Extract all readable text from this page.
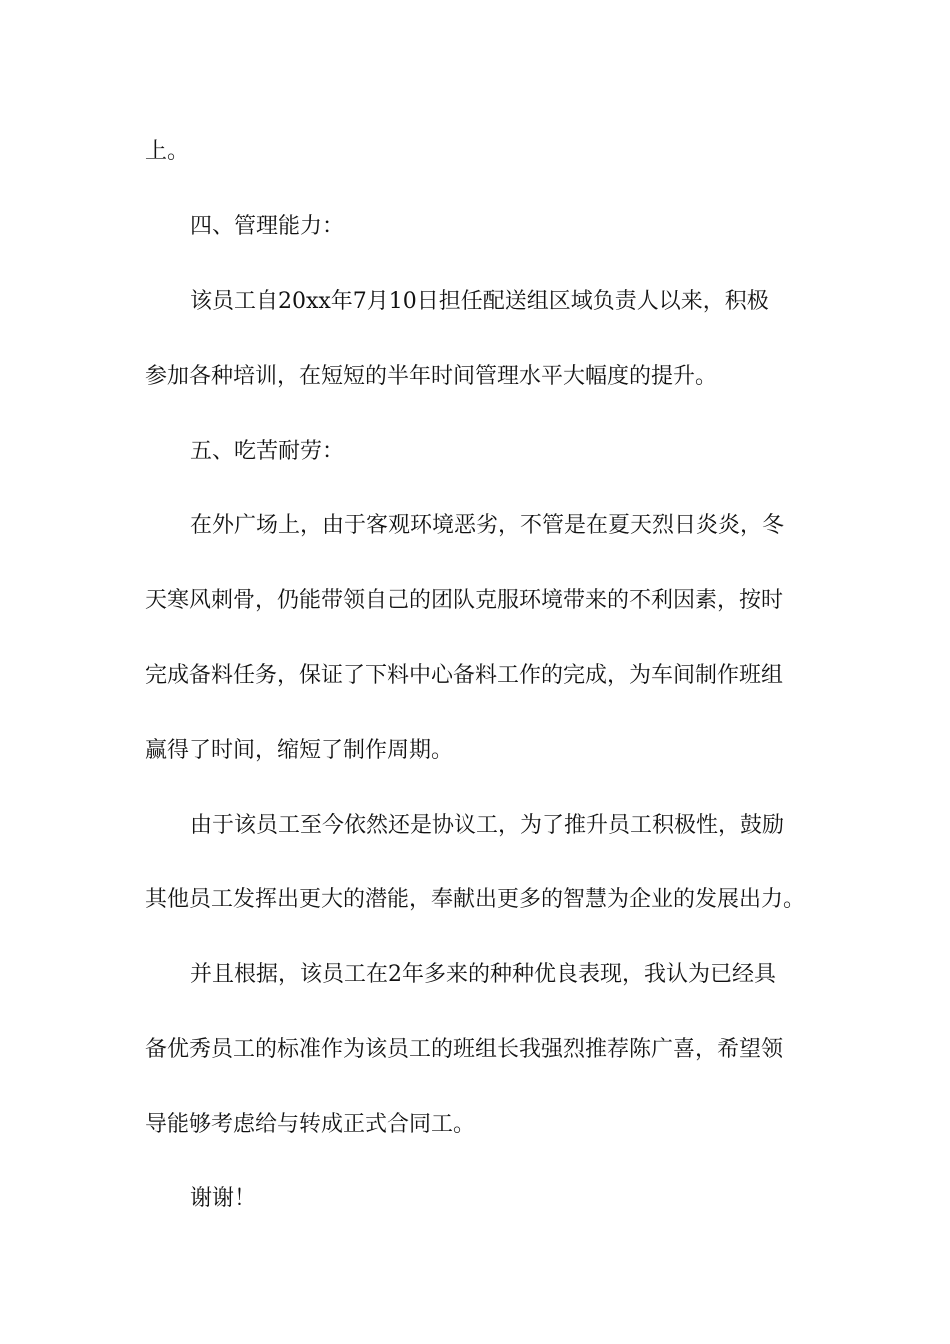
上。
四、管理能力：
该员工自20xx年7月10日担任配送组区域负责人以来，积极
参加各种培训，在短短的半年时间管理水平大幅度的提升。
五、吃苦耐劳：
在外广场上，由于客观环境恶劣，不管是在夏天烈日炎炎，冬
天寒风刺骨，仍能带领自己的团队克服环境带来的不利因素，按时
完成备料任务，保证了下料中心备料工作的完成，为车间制作班组
赢得了时间，缩短了制作周期。
由于该员工至今依然还是协议工，为了推升员工积极性，鼓励
其他员工发挥出更大的潜能，奉献出更多的智慧为企业的发展出力。
并且根据，该员工在2年多来的种种优良表现，我认为已经具
备优秀员工的标准作为该员工的班组长我强烈推荐陈广喜，希望领
导能够考虑给与转成正式合同工。
谢谢！
